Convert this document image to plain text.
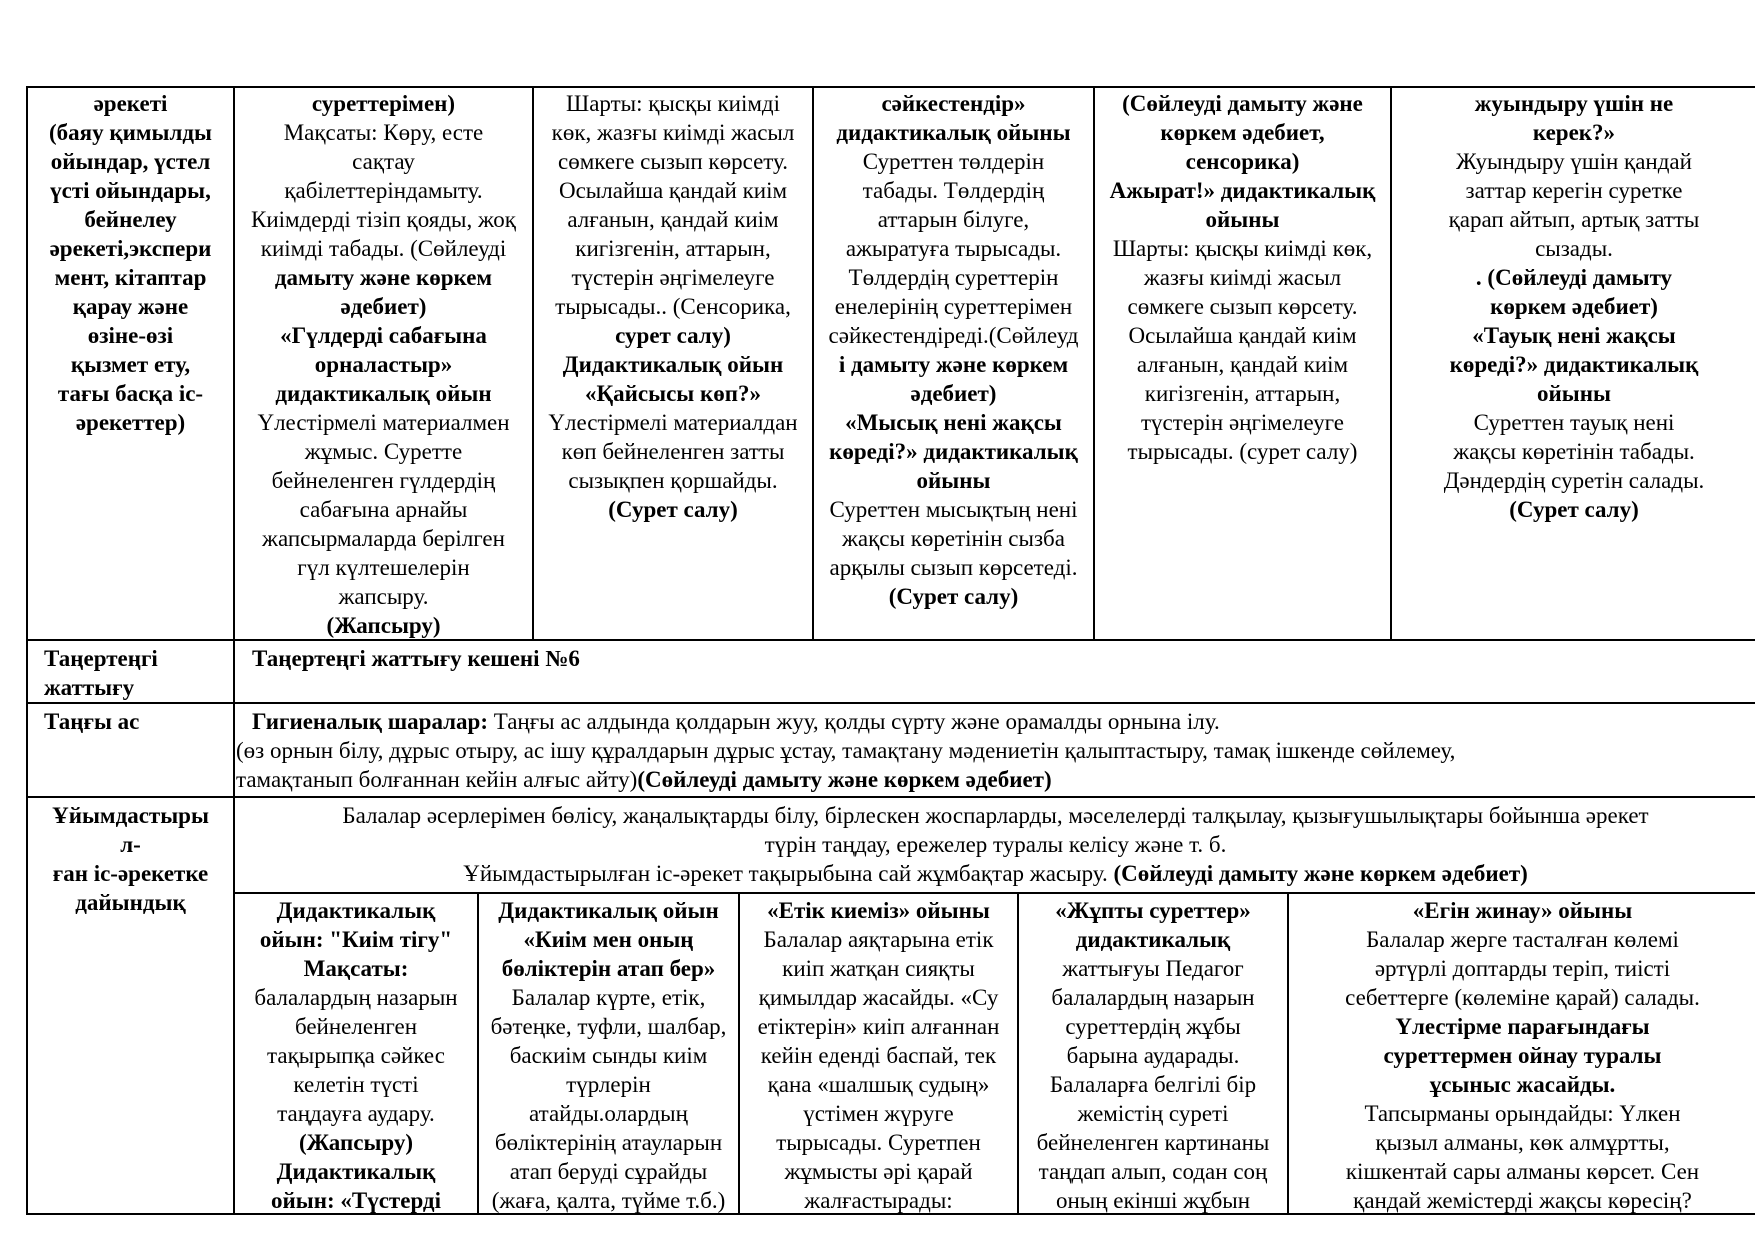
әрекеті
(баяу қимылды
ойындар, үстел
үсті ойындары,
бейнелеу
әрекеті,экспери
мент, кітаптар
қарау және
өзіне-өзі
қызмет ету,
тағы басқа іс-
әрекеттер)
суреттерімен)
Мақсаты: Көру, есте
сақтау
қабілеттеріндамыту.
Киімдерді тізіп қояды, жоқ
киімді табады. (Сөйлеуді
дамыту және көркем
әдебиет)
«Гүлдерді сабағына
орналастыр»
дидактикалық ойын
Үлестірмелі материалмен
жұмыс. Суретте
бейнеленген гүлдердің
сабағына арнайы
жапсырмаларда берілген
гүл күлтешелерін
жапсыру.
(Жапсыру)
Шарты: қысқы киімді
көк, жазғы киімді жасыл
сөмкеге сызып көрсету.
Осылайша қандай киім
алғанын, қандай киім
кигізгенін, аттарын,
түстерін әңгімелеуге
тырысады.. (Сенсорика,
сурет салу)
Дидактикалық ойын
«Қайсысы көп?»
Үлестірмелі материалдан
көп бейнеленген затты
сызықпен қоршайды.
(Сурет салу)
сәйкестендір»
дидактикалық ойыны
Суреттен төлдерін
табады. Төлдердің
аттарын білуге,
ажыратуға тырысады.
Төлдердің суреттерін
енелерінің суреттерімен
сәйкестендіреді.(Сөйлеуд
і дамыту және көркем
әдебиет)
«Мысық нені жақсы
көреді?» дидактикалық
ойыны
Суреттен мысықтың нені
жақсы көретінін сызба
арқылы сызып көрсетеді.
(Сурет салу)
(Сөйлеуді дамыту және
көркем әдебиет,
сенсорика)
Ажырат!» дидактикалық
ойыны
Шарты: қысқы киімді көк,
жазғы киімді жасыл
сөмкеге сызып көрсету.
Осылайша қандай киім
алғанын, қандай киім
кигізгенін, аттарын,
түстерін әңгімелеуге
тырысады. (сурет салу)
жуындыру үшін не
керек?»
Жуындыру үшін қандай
заттар керегін суретке
қарап айтып, артық затты
сызады.
. (Сөйлеуді дамыту
көркем әдебиет)
«Тауық нені жақсы
көреді?» дидактикалық
ойыны
Суреттен тауық нені
жақсы көретінін табады.
Дәндердің суретін салады.
(Сурет салу)
Таңертеңгі
жаттығу
Таңертеңгі жаттығу кешені №6
Таңғы ас	Гигиеналық шаралар: Таңғы ас алдында қолдарын жуу, қолды сүрту және орамалды орнына ілу.
(өз орнын білу, дұрыс отыру, ас ішу құралдарын дұрыс ұстау, тамақтану мәдениетін қалыптастыру, тамақ ішкенде сөйлемеу,
тамақтанып болғаннан кейін алғыс айту)(Сөйлеуді дамыту және көркем әдебиет)
Ұйымдастыры
л-
ған іс-әрекетке
дайындық
Балалар әсерлерімен бөлісу, жаңалықтарды білу, бірлескен жоспарларды, мәселелерді талқылау, қызығушылықтары бойынша әрекет
түрін таңдау, ережелер туралы келісу және т. б.
Ұйымдастырылған іс-әрекет тақырыбына сай жұмбақтар жасыру. (Сөйлеуді дамыту және көркем әдебиет)
Дидактикалық
ойын: "Киім тігу"
Мақсаты:
балалардың назарын
бейнеленген
тақырыпқа сәйкес
келетін түсті
таңдауға аудару.
(Жапсыру)
Дидактикалық
ойын: «Түстерді
Дидактикалық ойын
«Киім мен оның
бөліктерін атап бер»
Балалар күрте, етік,
бәтеңке, туфли, шалбар,
баскиім сынды киім
түрлерін
атайды.олардың
бөліктерінің атауларын
атап беруді сұрайды
(жаға, қалта, түйме т.б.)
«Етік киеміз» ойыны
Балалар аяқтарына етік
киіп жатқан сияқты
қимылдар жасайды. «Су
етіктерін» киіп алғаннан
кейін еденді баспай, тек
қана «шалшық судың»
үстімен жүруге
тырысады. Суретпен
жұмысты әрі қарай
жалғастырады:
«Жұпты суреттер»
дидактикалық
жаттығуы Педагог
балалардың назарын
суреттердің жұбы
барына аударады.
Балаларға белгілі бір
жемістің суреті
бейнеленген картинаны
таңдап алып, содан соң
оның екінші жұбын
«Егін жинау» ойыны
Балалар жерге тасталған көлемі
әртүрлі доптарды теріп, тиісті
себеттерге (көлеміне қарай) салады.
Үлестірме парағындағы
суреттермен ойнау туралы
ұсыныс жасайды.
Тапсырманы орындайды: Үлкен
қызыл алманы, көк алмұртты,
кішкентай сары алманы көрсет. Сен
қандай жемістерді жақсы көресің?
